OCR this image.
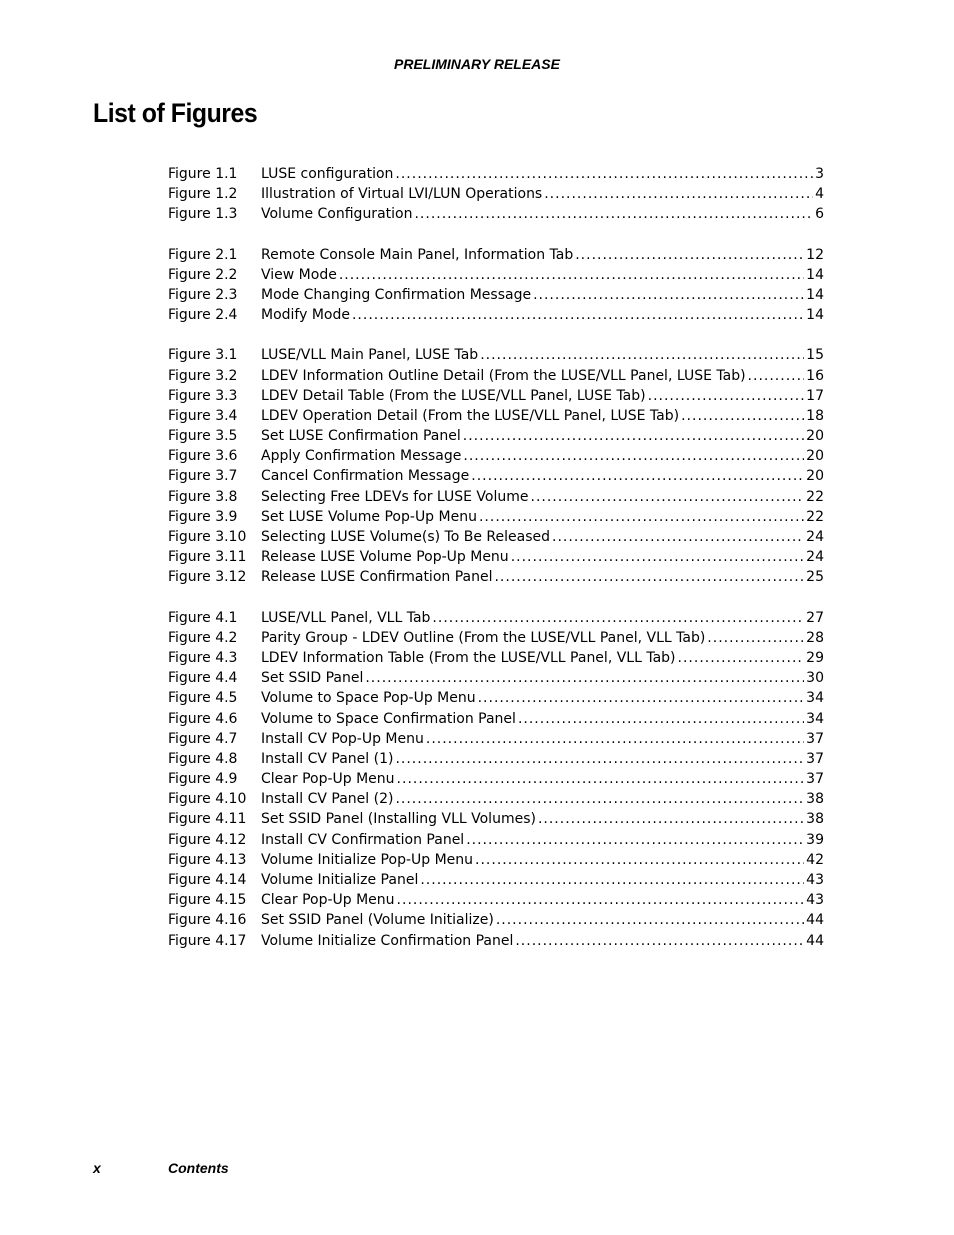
PRELIMINARY RELEASE
List of Figures
Figure 1.1	LUSE configuration .....	3
Figure 1.2	Illustration of Virtual LVI/LUN Operations .....	4
Figure 1.3	Volume Configuration .....	6
Figure 2.1	Remote Console Main Panel, Information Tab .....	12
Figure 2.2	View Mode .....	14
Figure 2.3	Mode Changing Confirmation Message .....	14
Figure 2.4	Modify Mode .....	14
Figure 3.1	LUSE/VLL Main Panel, LUSE Tab .....	15
Figure 3.2	LDEV Information Outline Detail (From the LUSE/VLL Panel, LUSE Tab) .....	16
Figure 3.3	LDEV Detail Table (From the LUSE/VLL Panel, LUSE Tab) .....	17
Figure 3.4	LDEV Operation Detail (From the LUSE/VLL Panel, LUSE Tab) .....	18
Figure 3.5	Set LUSE Confirmation Panel .....	20
Figure 3.6	Apply Confirmation Message .....	20
Figure 3.7	Cancel Confirmation Message .....	20
Figure 3.8	Selecting Free LDEVs for LUSE Volume .....	22
Figure 3.9	Set LUSE Volume Pop-Up Menu .....	22
Figure 3.10	Selecting LUSE Volume(s) To Be Released .....	24
Figure 3.11	Release LUSE Volume Pop-Up Menu .....	24
Figure 3.12	Release LUSE Confirmation Panel .....	25
Figure 4.1	LUSE/VLL Panel, VLL Tab .....	27
Figure 4.2	Parity Group - LDEV Outline (From the LUSE/VLL Panel, VLL Tab) .....	28
Figure 4.3	LDEV Information Table (From the LUSE/VLL Panel, VLL Tab) .....	29
Figure 4.4	Set SSID Panel .....	30
Figure 4.5	Volume to Space Pop-Up Menu .....	34
Figure 4.6	Volume to Space Confirmation Panel .....	34
Figure 4.7	Install CV Pop-Up Menu .....	37
Figure 4.8	Install CV Panel (1) .....	37
Figure 4.9	Clear Pop-Up Menu .....	37
Figure 4.10	Install CV Panel (2) .....	38
Figure 4.11	Set SSID Panel (Installing VLL Volumes) .....	38
Figure 4.12	Install CV Confirmation Panel .....	39
Figure 4.13	Volume Initialize Pop-Up Menu .....	42
Figure 4.14	Volume Initialize Panel .....	43
Figure 4.15	Clear Pop-Up Menu .....	43
Figure 4.16	Set SSID Panel (Volume Initialize) .....	44
Figure 4.17	Volume Initialize Confirmation Panel .....	44
x	Contents
